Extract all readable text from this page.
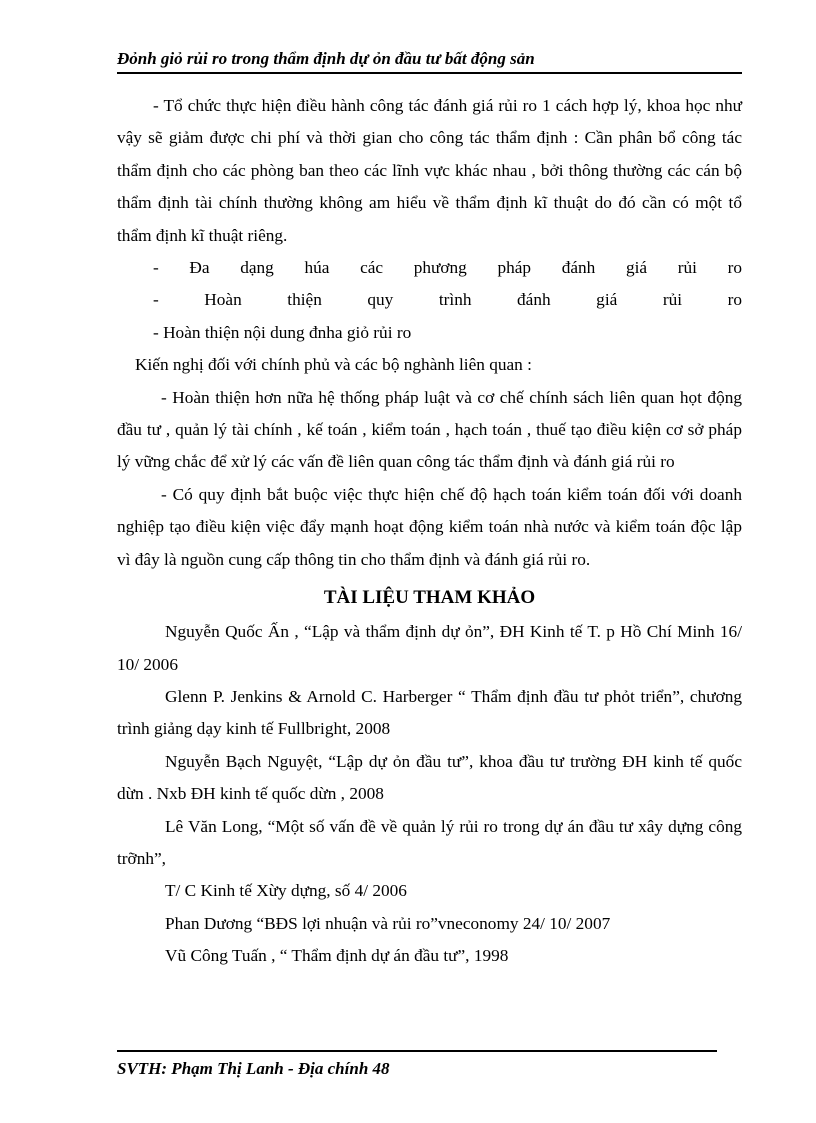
Đỏnh giỏ rủi ro trong thẩm định dự ỏn đầu tư bất động sản

- Tổ chức thực hiện điều hành công tác đánh giá rủi ro 1 cách hợp lý, khoa học như vậy sẽ giảm được chi phí và thời gian cho công tác thẩm định : Cần phân bổ công tác thẩm định cho các phòng ban theo các lĩnh vực khác nhau , bởi thông thường các cán bộ thẩm định tài chính thường không am hiểu về thẩm định kĩ thuật do đó cần có một tổ thẩm định kĩ thuật riêng.

- Đa dạng húa các phương pháp đánh giá rủi ro

- Hoàn thiện quy trình đánh giá rủi ro

- Hoàn thiện nội dung đnha giỏ rủi ro

Kiến nghị đối với chính phủ và các bộ nghành liên quan :

- Hoàn thiện hơn nữa hệ thống pháp luật và cơ chế chính sách liên quan họt động đầu tư , quản lý tài chính , kế toán , kiểm toán , hạch toán , thuế tạo điều kiện cơ sở pháp lý vững chắc để xử lý các vấn đề liên quan công tác thẩm định và đánh giá rủi ro

- Có quy định bắt buộc việc thực hiện chế độ hạch toán kiểm toán đối với doanh nghiệp tạo điều kiện việc đẩy mạnh hoạt động kiểm toán nhà nước và kiểm toán độc lập vì đây là nguồn cung cấp thông tin cho thẩm định và đánh giá rủi ro.

TÀI LIỆU THAM KHẢO

Nguyễn Quốc Ấn , “Lập và thẩm định dự ỏn”, ĐH Kinh tế T. p Hồ Chí Minh 16/ 10/ 2006

Glenn P. Jenkins & Arnold C. Harberger “ Thẩm định đầu tư phỏt triển”, chương trình giảng dạy kinh tế Fullbright, 2008

Nguyễn Bạch Nguyệt, “Lập dự ỏn đầu tư”, khoa đầu tư trường ĐH kinh tế quốc dừn . Nxb ĐH kinh tế quốc dừn , 2008

Lê Văn Long, “Một số vấn đề về quản lý rủi ro trong dự án đầu tư xây dựng công trỡnh”,

T/ C Kinh tế Xừy dựng, số 4/ 2006

Phan Dương “BĐS lợi nhuận và rủi ro”vneconomy 24/ 10/ 2007

Vũ Công Tuấn , “ Thẩm định dự án đầu tư”, 1998

SVTH: Phạm Thị Lanh - Địa chính 48
